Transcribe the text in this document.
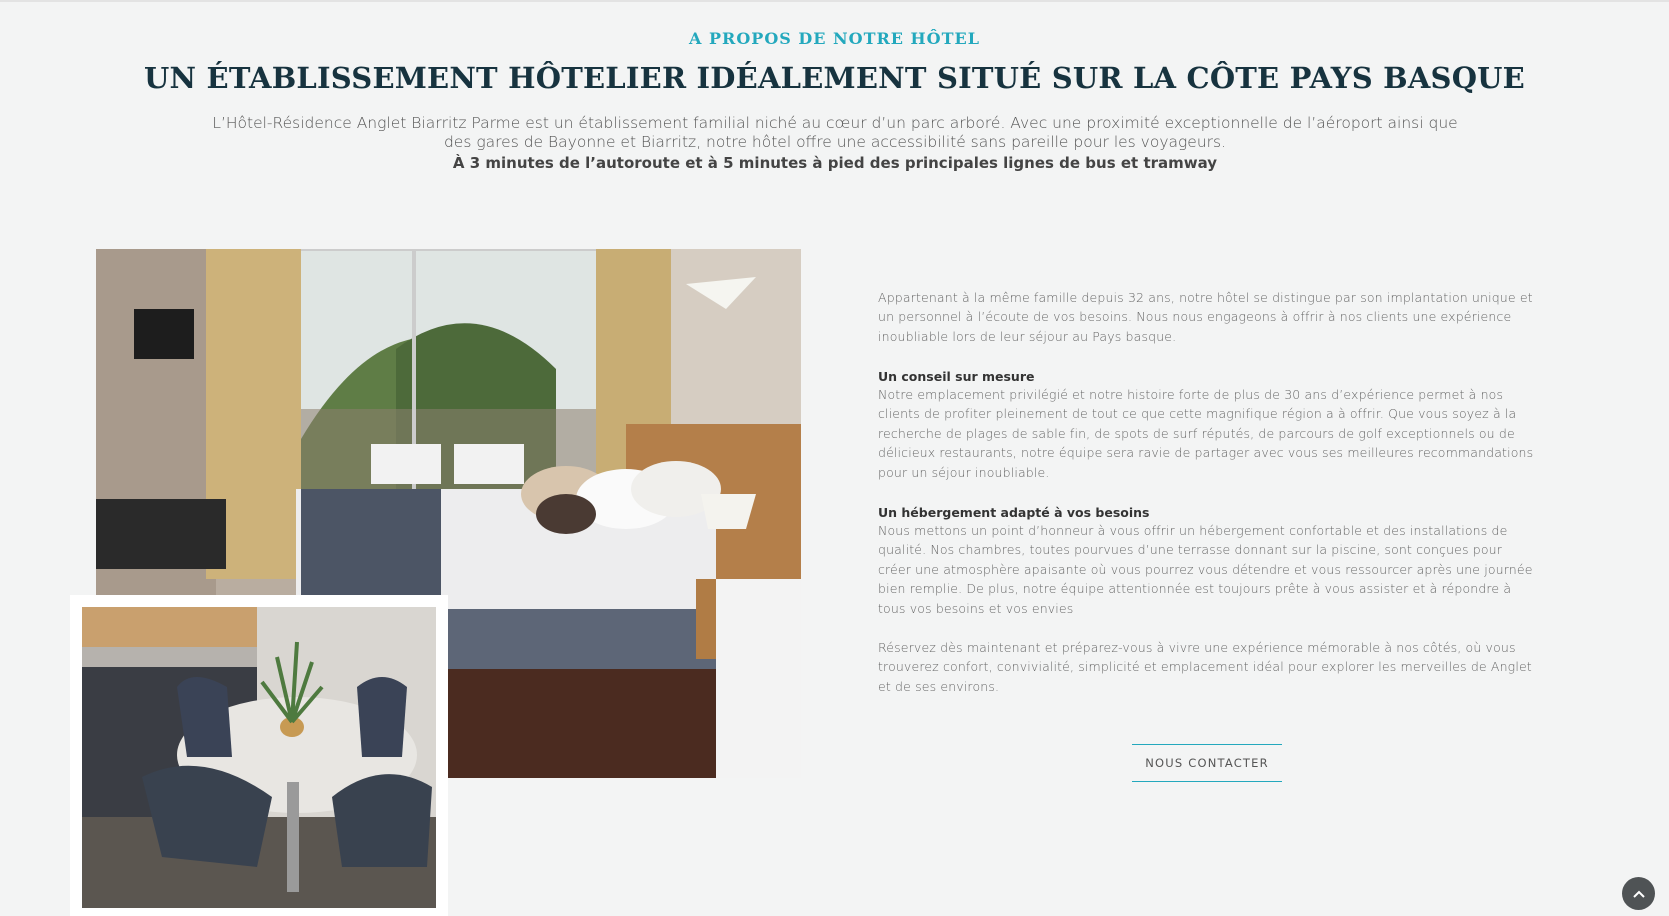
A PROPOS DE NOTRE HÔTEL
UN ÉTABLISSEMENT HÔTELIER IDÉALEMENT SITUÉ SUR LA CÔTE PAYS BASQUE

L’Hôtel-Résidence Anglet Biarritz Parme est un établissement familial niché au cœur d’un parc arboré. Avec une proximité exceptionnelle de l’aéroport ainsi que des gares de Bayonne et Biarritz, notre hôtel offre une accessibilité sans pareille pour les voyageurs.

À 3 minutes de l’autoroute et à 5 minutes à pied des principales lignes de bus et tramway

Appartenant à la même famille depuis 32 ans, notre hôtel se distingue par son implantation unique et un personnel à l’écoute de vos besoins. Nous nous engageons à offrir à nos clients une expérience inoubliable lors de leur séjour au Pays basque.

Un conseil sur mesure

Notre emplacement privilégié et notre histoire forte de plus de 30 ans d’expérience permet à nos clients de profiter pleinement de tout ce que cette magnifique région a à offrir. Que vous soyez à la recherche de plages de sable fin, de spots de surf réputés, de parcours de golf exceptionnels ou de délicieux restaurants, notre équipe sera ravie de partager avec vous ses meilleures recommandations pour un séjour inoubliable.

Un hébergement adapté à vos besoins

Nous mettons un point d’honneur à vous offrir un hébergement confortable et des installations de qualité. Nos chambres, toutes pourvues d’une terrasse donnant sur la piscine, sont conçues pour créer une atmosphère apaisante où vous pourrez vous détendre et vous ressourcer après une journée bien remplie. De plus, notre équipe attentionnée est toujours prête à vous assister et à répondre à tous vos besoins et vos envies

Réservez dès maintenant et préparez-vous à vivre une expérience mémorable à nos côtés, où vous trouverez confort, convivialité, simplicité et emplacement idéal pour explorer les merveilles de Anglet et de ses environs.

NOUS CONTACTER
